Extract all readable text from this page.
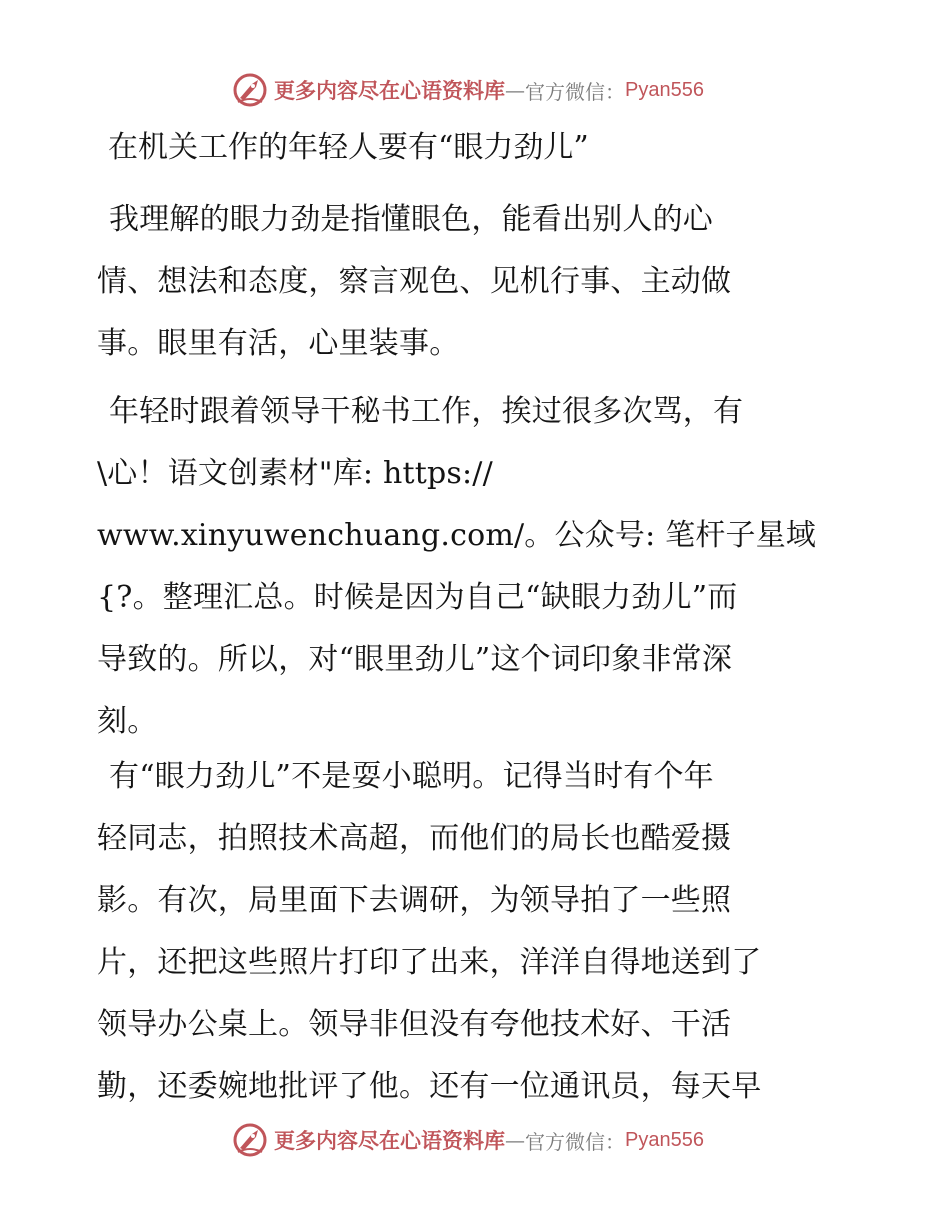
更多内容尽在心语资料库 — 官方微信： Pyan556
在机关工作的年轻人要有“眼力劲儿”
我理解的眼力劲是指懂眼色，能看出别人的心
情、想法和态度，察言观色、见机行事、主动做
事。眼里有活，心里装事。
年轻时跟着领导干秘书工作，挨过很多次骂，有
\心！语文创素材"库: https://
www.xinyuwenchuang.com/。公众号: 笔杆子星域
{?。整理汇总。时候是因为自己“缺眼力劲儿”而
导致的。所以，对“眼里劲儿”这个词印象非常深
刻。
有“眼力劲儿”不是耍小聪明。记得当时有个年
轻同志，拍照技术高超，而他们的局长也酷爱摄
影。有次，局里面下去调研，为领导拍了一些照
片，还把这些照片打印了出来，洋洋自得地送到了
领导办公桌上。领导非但没有夸他技术好、干活
勤，还委婉地批评了他。还有一位通讯员，每天早
更多内容尽在心语资料库 — 官方微信： Pyan556
